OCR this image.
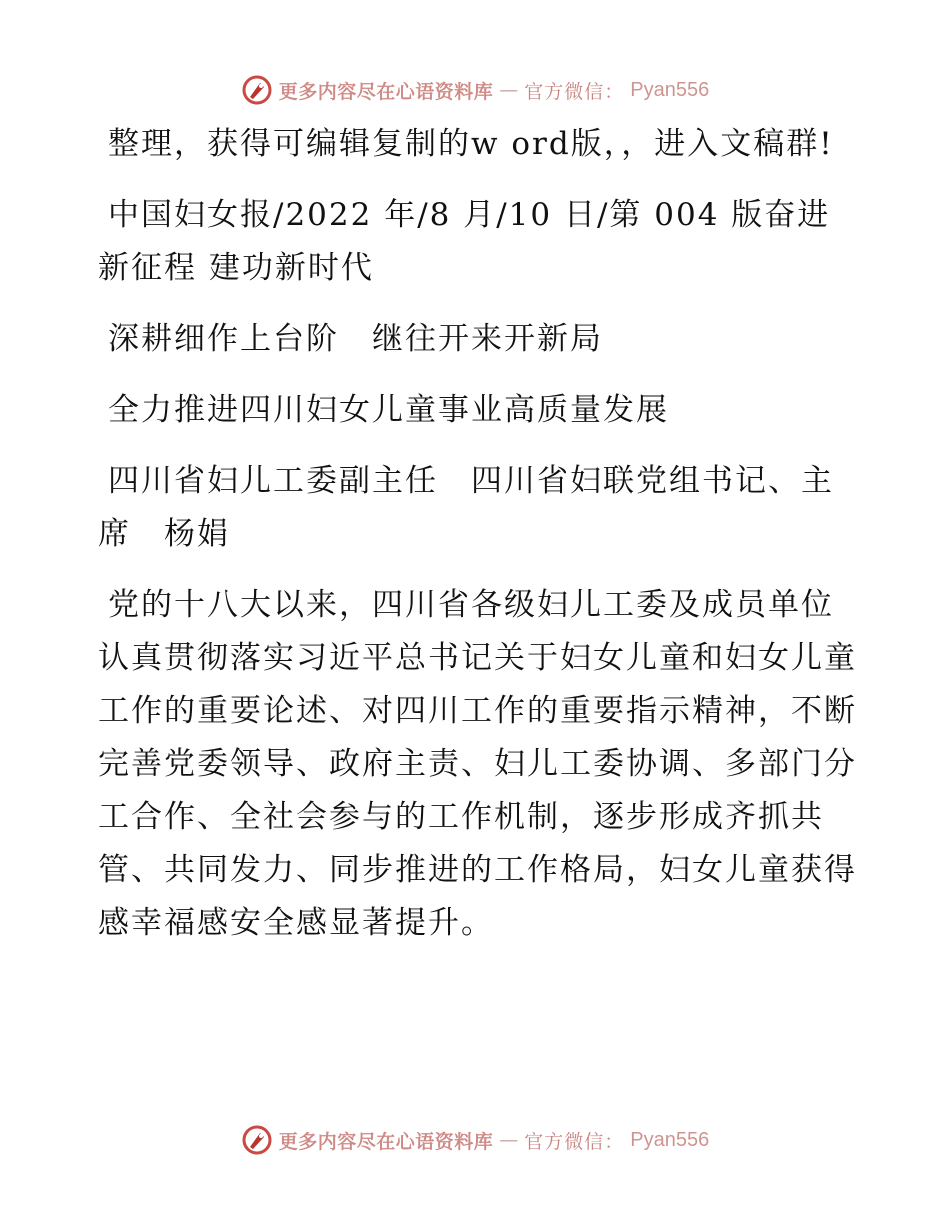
更多内容尽在心语资料库 — 官方微信： Pyan556

整理，获得可编辑复制的w ord版，，进入文稿群!

中国妇女报/2022 年/8 月/10 日/第 004 版奋进新征程 建功新时代

深耕细作上台阶　继往开来开新局

全力推进四川妇女儿童事业高质量发展

四川省妇儿工委副主任　四川省妇联党组书记、主席　杨娟

党的十八大以来，四川省各级妇儿工委及成员单位认真贯彻落实习近平总书记关于妇女儿童和妇女儿童工作的重要论述、对四川工作的重要指示精神，不断完善党委领导、政府主责、妇儿工委协调、多部门分工合作、全社会参与的工作机制，逐步形成齐抓共管、共同发力、同步推进的工作格局，妇女儿童获得感幸福感安全感显著提升。

更多内容尽在心语资料库 — 官方微信： Pyan556
